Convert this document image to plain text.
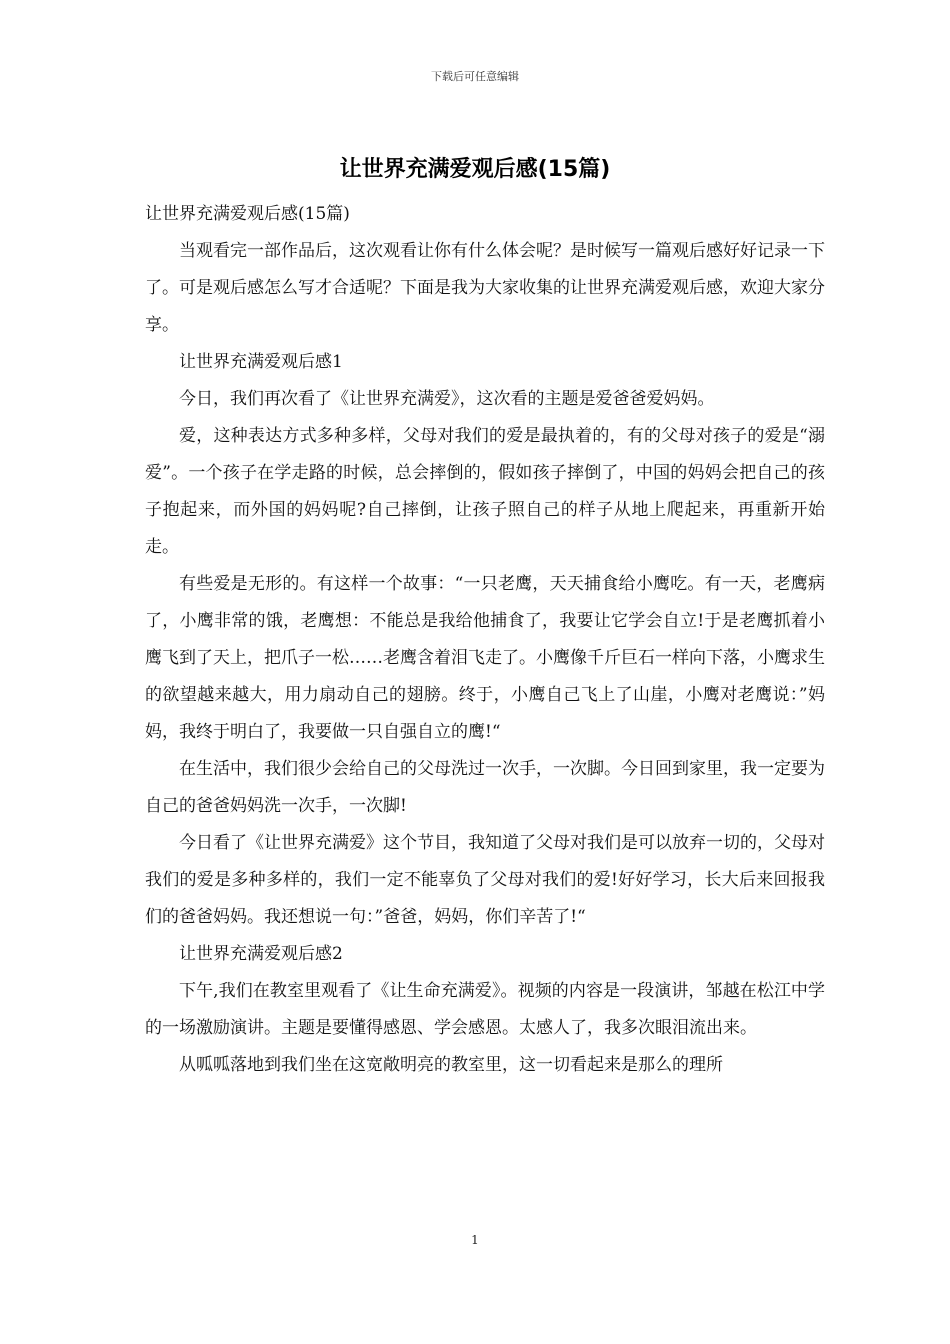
下载后可任意编辑
让世界充满爱观后感(15篇)

让世界充满爱观后感(15篇)

当观看完一部作品后，这次观看让你有什么体会呢？是时候写一篇观后感好好记录一下了。可是观后感怎么写才合适呢？下面是我为大家收集的让世界充满爱观后感，欢迎大家分享。

让世界充满爱观后感1

今日，我们再次看了《让世界充满爱》，这次看的主题是爱爸爸爱妈妈。

爱，这种表达方式多种多样，父母对我们的爱是最执着的，有的父母对孩子的爱是“溺爱”。一个孩子在学走路的时候，总会摔倒的，假如孩子摔倒了，中国的妈妈会把自己的孩子抱起来，而外国的妈妈呢?自己摔倒，让孩子照自己的样子从地上爬起来，再重新开始走。

有些爱是无形的。有这样一个故事：“一只老鹰，天天捕食给小鹰吃。有一天，老鹰病了，小鹰非常的饿，老鹰想：不能总是我给他捕食了，我要让它学会自立!于是老鹰抓着小鹰飞到了天上，把爪子一松……老鹰含着泪飞走了。小鹰像千斤巨石一样向下落，小鹰求生的欲望越来越大，用力扇动自己的翅膀。终于，小鹰自己飞上了山崖，小鹰对老鹰说：”妈妈，我终于明白了，我要做一只自强自立的鹰!“

在生活中，我们很少会给自己的父母洗过一次手，一次脚。今日回到家里，我一定要为自己的爸爸妈妈洗一次手，一次脚!

今日看了《让世界充满爱》这个节目，我知道了父母对我们是可以放弃一切的，父母对我们的爱是多种多样的，我们一定不能辜负了父母对我们的爱!好好学习，长大后来回报我们的爸爸妈妈。我还想说一句：”爸爸，妈妈，你们辛苦了!“

让世界充满爱观后感2

下午,我们在教室里观看了《让生命充满爱》。视频的内容是一段演讲，邹越在松江中学的一场激励演讲。主题是要懂得感恩、学会感恩。太感人了，我多次眼泪流出来。

从呱呱落地到我们坐在这宽敞明亮的教室里，这一切看起来是那么的理所

1
